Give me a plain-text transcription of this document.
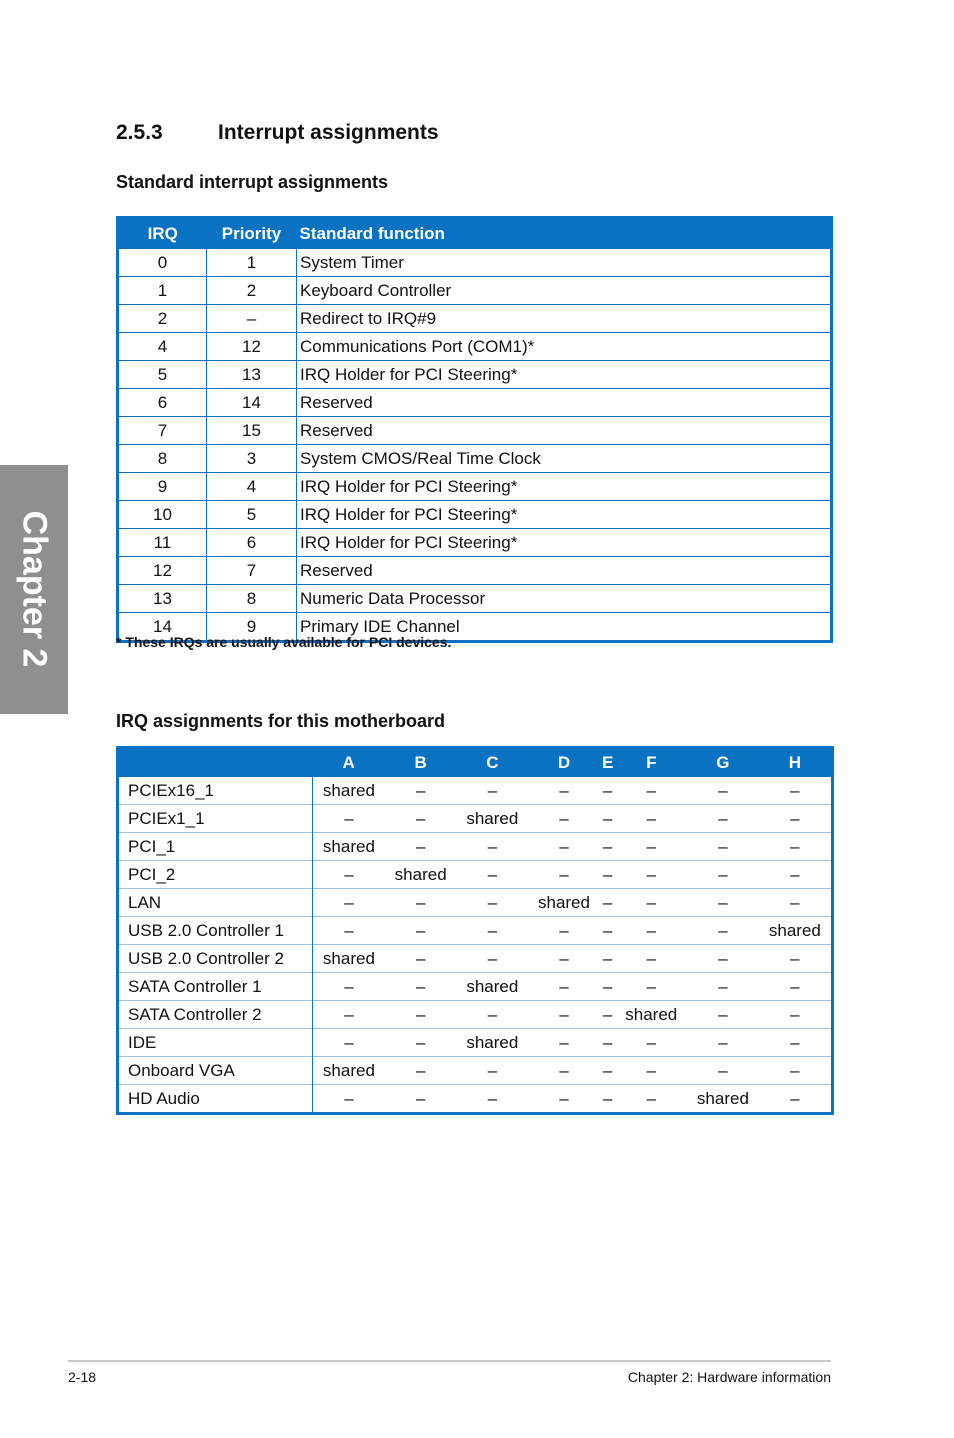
Chapter 2
2.5.3	Interrupt assignments
Standard interrupt assignments
IRQ	Priority	Standard function
0	1	System Timer
1	2	Keyboard Controller
2	–	Redirect to IRQ#9
4	12	Communications Port (COM1)*
5	13	IRQ Holder for PCI Steering*
6	14	Reserved
7	15	Reserved
8	3	System CMOS/Real Time Clock
9	4	IRQ Holder for PCI Steering*
10	5	IRQ Holder for PCI Steering*
11	6	IRQ Holder for PCI Steering*
12	7	Reserved
13	8	Numeric Data Processor
14	9	Primary IDE Channel

* These IRQs are usually available for PCI devices.

IRQ assignments for this motherboard
	A	B	C	D	E	F	G	H
PCIEx16_1	shared	–	–	–	–	–	–	–
PCIEx1_1	–	–	shared	–	–	–	–	–
PCI_1	shared	–	–	–	–	–	–	–
PCI_2	–	shared	–	–	–	–	–	–
LAN	–	–	–	shared	–	–	–	–
USB 2.0 Controller 1	–	–	–	–	–	–	–	shared
USB 2.0 Controller 2	shared	–	–	–	–	–	–	–
SATA Controller 1	–	–	shared	–	–	–	–	–
SATA Controller 2	–	–	–	–	–	shared	–	–
IDE	–	–	shared	–	–	–	–	–
Onboard VGA	shared	–	–	–	–	–	–	–
HD Audio	–	–	–	–	–	–	shared	–
2-18	Chapter 2: Hardware information
